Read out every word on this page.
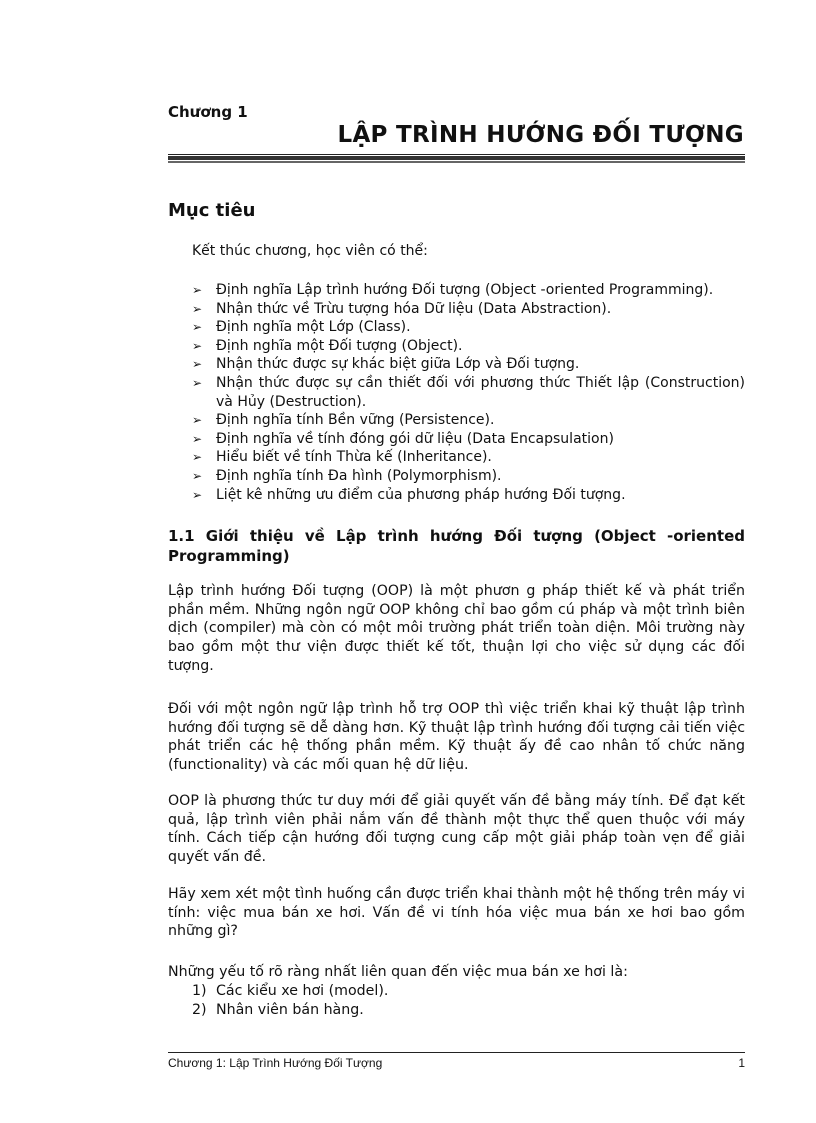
Chương 1

LẬP TRÌNH HƯỚNG ĐỐI TƯỢNG
Mục tiêu

Kết thúc chương, học viên có thể:

➢ Định nghĩa Lập trình hướng Đối tượng (Object -oriented Programming).
➢ Nhận thức về Trừu tượng hóa Dữ liệu (Data Abstraction).
➢ Định nghĩa một Lớp (Class).
➢ Định nghĩa một Đối tượng (Object).
➢ Nhận thức được sự khác biệt giữa Lớp và Đối tượng.
➢ Nhận thức được sự cần thiết đối với phương thức Thiết lập (Construction) và Hủy (Destruction).
➢ Định nghĩa tính Bền vững (Persistence).
➢ Định nghĩa về tính đóng gói dữ liệu (Data Encapsulation)
➢ Hiểu biết về tính Thừa kế (Inheritance).
➢ Định nghĩa tính Đa hình (Polymorphism).
➢ Liệt kê những ưu điểm của phương pháp hướng Đối tượng.
1.1 Giới thiệu về Lập trình hướng Đối tượng (Object -oriented Programming)

Lập trình hướng Đối tượng (OOP) là một phươn g pháp thiết kế và phát triển phần mềm. Những ngôn ngữ OOP không chỉ bao gồm cú pháp và một trình biên dịch (compiler) mà còn có một môi trường phát triển toàn diện. Môi trường này bao gồm một thư viện được thiết kế tốt, thuận lợi cho việc sử dụng các đối tượng.

Đối với một ngôn ngữ lập trình hỗ trợ OOP thì việc triển khai kỹ thuật lập trình hướng đối tượng sẽ dễ dàng hơn. Kỹ thuật lập trình hướng đối tượng cải tiến việc phát triển các hệ thống phần mềm. Kỹ thuật ấy đề cao nhân tố chức năng (functionality) và các mối quan hệ dữ liệu.

OOP là phương thức tư duy mới để giải quyết vấn đề bằng máy tính. Để đạt kết quả, lập trình viên phải nắm vấn đề thành một thực thể quen thuộc với máy tính. Cách tiếp cận hướng đối tượng cung cấp một giải pháp toàn vẹn để giải quyết vấn đề.

Hãy xem xét một tình huống cần được triển khai thành một hệ thống trên máy vi tính: việc mua bán xe hơi. Vấn đề vi tính hóa việc mua bán xe hơi bao gồm những gì?

Những yếu tố rõ ràng nhất liên quan đến việc mua bán xe hơi là:

1) Các kiểu xe hơi (model).
2) Nhân viên bán hàng.

Chương 1: Lập Trình Hướng Đối Tượng	1
